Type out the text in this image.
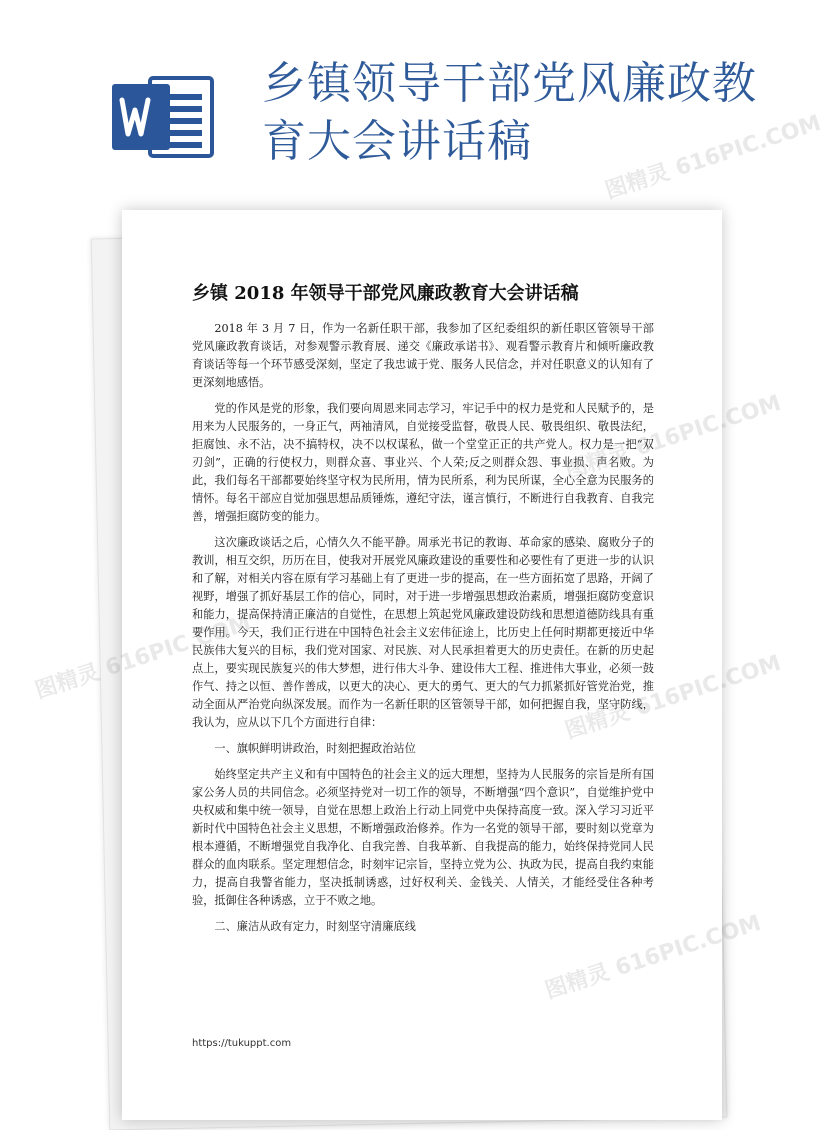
乡镇领导干部党风廉政教育大会讲话稿
乡镇 2018 年领导干部党风廉政教育大会讲话稿

2018 年 3 月 7 日，作为一名新任职干部，我参加了区纪委组织的新任职区管领导干部党风廉政教育谈话，对参观警示教育展、递交《廉政承诺书》、观看警示教育片和倾听廉政教育谈话等每一个环节感受深刻，坚定了我忠诚于党、服务人民信念，并对任职意义的认知有了更深刻地感悟。

党的作风是党的形象，我们要向周恩来同志学习，牢记手中的权力是党和人民赋予的，是用来为人民服务的，一身正气，两袖清风，自觉接受监督，敬畏人民、敬畏组织、敬畏法纪，拒腐蚀、永不沾，决不搞特权，决不以权谋私，做一个堂堂正正的共产党人。权力是一把“双刃剑”，正确的行使权力，则群众喜、事业兴、个人荣;反之则群众怨、事业损、声名败。为此，我们每名干部都要始终坚守权为民所用，情为民所系，利为民所谋，全心全意为民服务的情怀。每名干部应自觉加强思想品质锤炼，遵纪守法，谨言慎行，不断进行自我教育、自我完善，增强拒腐防变的能力。

这次廉政谈话之后，心情久久不能平静。周承光书记的教诲、革命家的感染、腐败分子的教训，相互交织，历历在目，使我对开展党风廉政建设的重要性和必要性有了更进一步的认识和了解，对相关内容在原有学习基础上有了更进一步的提高，在一些方面拓宽了思路，开阔了视野，增强了抓好基层工作的信心，同时，对于进一步增强思想政治素质，增强拒腐防变意识和能力，提高保持清正廉洁的自觉性，在思想上筑起党风廉政建设防线和思想道德防线具有重要作用。今天，我们正行进在中国特色社会主义宏伟征途上，比历史上任何时期都更接近中华民族伟大复兴的目标，我们党对国家、对民族、对人民承担着更大的历史责任。在新的历史起点上，要实现民族复兴的伟大梦想，进行伟大斗争、建设伟大工程、推进伟大事业，必须一鼓作气、持之以恒、善作善成，以更大的决心、更大的勇气、更大的气力抓紧抓好管党治党，推动全面从严治党向纵深发展。而作为一名新任职的区管领导干部，如何把握自我，坚守防线，我认为，应从以下几个方面进行自律：

一、旗帜鲜明讲政治，时刻把握政治站位

始终坚定共产主义和有中国特色的社会主义的远大理想，坚持为人民服务的宗旨是所有国家公务人员的共同信念。必须坚持党对一切工作的领导，不断增强“四个意识”，自觉维护党中央权威和集中统一领导，自觉在思想上政治上行动上同党中央保持高度一致。深入学习习近平新时代中国特色社会主义思想，不断增强政治修养。作为一名党的领导干部，要时刻以党章为根本遵循，不断增强党自我净化、自我完善、自我革新、自我提高的能力，始终保持党同人民群众的血肉联系。坚定理想信念，时刻牢记宗旨，坚持立党为公、执政为民，提高自我约束能力，提高自我警省能力，坚决抵制诱惑，过好权利关、金钱关、人情关，才能经受住各种考验，抵御住各种诱惑，立于不败之地。

二、廉洁从政有定力，时刻坚守清廉底线

https://tukuppt.com
图精灵 616PIC.COM
图精灵
